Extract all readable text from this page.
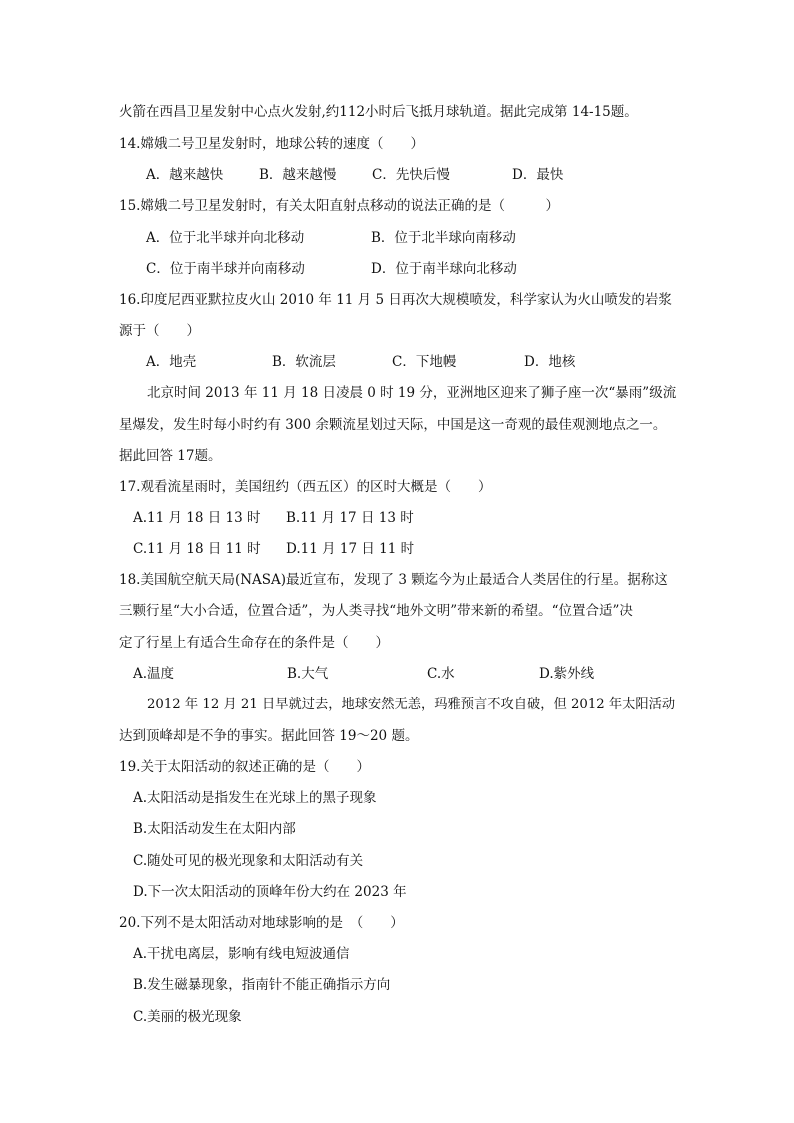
火箭在西昌卫星发射中心点火发射,约112小时后飞抵月球轨道。据此完成第 14-15题。
14.嫦娥二号卫星发射时，地球公转的速度（　　）
A．越来越快	B．越来越慢	C．先快后慢	D．最快
15.嫦娥二号卫星发射时，有关太阳直射点移动的说法正确的是（　　　）
A．位于北半球并向北移动	B．位于北半球向南移动
C．位于南半球并向南移动	D．位于南半球向北移动
16.印度尼西亚默拉皮火山 2010 年 11 月 5 日再次大规模喷发，科学家认为火山喷发的岩浆
源于（　　）
A．地壳	B．软流层	C．下地幔	D．地核
北京时间 2013 年 11 月 18 日凌晨 0 时 19 分，亚洲地区迎来了狮子座一次“暴雨”级流
星爆发，发生时每小时约有 300 余颗流星划过天际，中国是这一奇观的最佳观测地点之一。
据此回答 17题。
17.观看流星雨时，美国纽约（西五区）的区时大概是（　　）
A.11 月 18 日 13 时 B.11 月 17 日 13 时
C.11 月 18 日 11 时 D.11 月 17 日 11 时
18.美国航空航天局(NASA)最近宣布，发现了 3 颗迄今为止最适合人类居住的行星。据称这
三颗行星“大小合适，位置合适”，为人类寻找“地外文明”带来新的希望。“位置合适”决
定了行星上有适合生命存在的条件是（　　）
A.温度	B.大气	C.水	D.紫外线
2012 年 12 月 21 日早就过去，地球安然无恙，玛雅预言不攻自破，但 2012 年太阳活动
达到顶峰却是不争的事实。据此回答 19～20 题。
19.关于太阳活动的叙述正确的是（　　）
A.太阳活动是指发生在光球上的黑子现象
B.太阳活动发生在太阳内部
C.随处可见的极光现象和太阳活动有关
D.下一次太阳活动的顶峰年份大约在 2023 年
20.下列不是太阳活动对地球影响的是　（　　）
A.干扰电离层，影响有线电短波通信
B.发生磁暴现象，指南针不能正确指示方向
C.美丽的极光现象
